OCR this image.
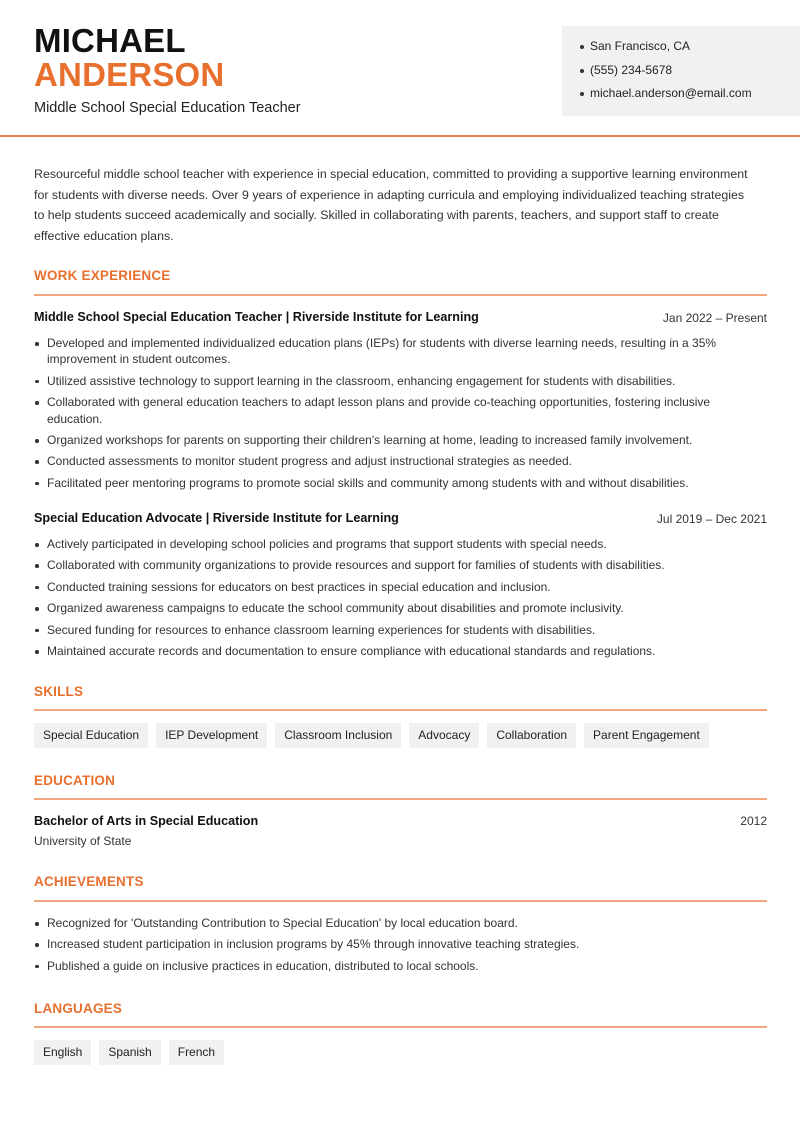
MICHAEL
ANDERSON
Middle School Special Education Teacher
San Francisco, CA
(555) 234-5678
michael.anderson@email.com

Resourceful middle school teacher with experience in special education, committed to providing a supportive learning environment for students with diverse needs. Over 9 years of experience in adapting curricula and employing individualized teaching strategies to help students succeed academically and socially. Skilled in collaborating with parents, teachers, and support staff to create effective education plans.

WORK EXPERIENCE
Middle School Special Education Teacher | Riverside Institute for Learning	Jan 2022 – Present
Developed and implemented individualized education plans (IEPs) for students with diverse learning needs, resulting in a 35% improvement in student outcomes.
Utilized assistive technology to support learning in the classroom, enhancing engagement for students with disabilities.
Collaborated with general education teachers to adapt lesson plans and provide co-teaching opportunities, fostering inclusive education.
Organized workshops for parents on supporting their children's learning at home, leading to increased family involvement.
Conducted assessments to monitor student progress and adjust instructional strategies as needed.
Facilitated peer mentoring programs to promote social skills and community among students with and without disabilities.
Special Education Advocate | Riverside Institute for Learning	Jul 2019 – Dec 2021
Actively participated in developing school policies and programs that support students with special needs.
Collaborated with community organizations to provide resources and support for families of students with disabilities.
Conducted training sessions for educators on best practices in special education and inclusion.
Organized awareness campaigns to educate the school community about disabilities and promote inclusivity.
Secured funding for resources to enhance classroom learning experiences for students with disabilities.
Maintained accurate records and documentation to ensure compliance with educational standards and regulations.
SKILLS
Special Education	IEP Development	Classroom Inclusion	Advocacy	Collaboration	Parent Engagement
EDUCATION
Bachelor of Arts in Special Education	2012
University of State
ACHIEVEMENTS
Recognized for 'Outstanding Contribution to Special Education' by local education board.
Increased student participation in inclusion programs by 45% through innovative teaching strategies.
Published a guide on inclusive practices in education, distributed to local schools.
LANGUAGES
English	Spanish	French
